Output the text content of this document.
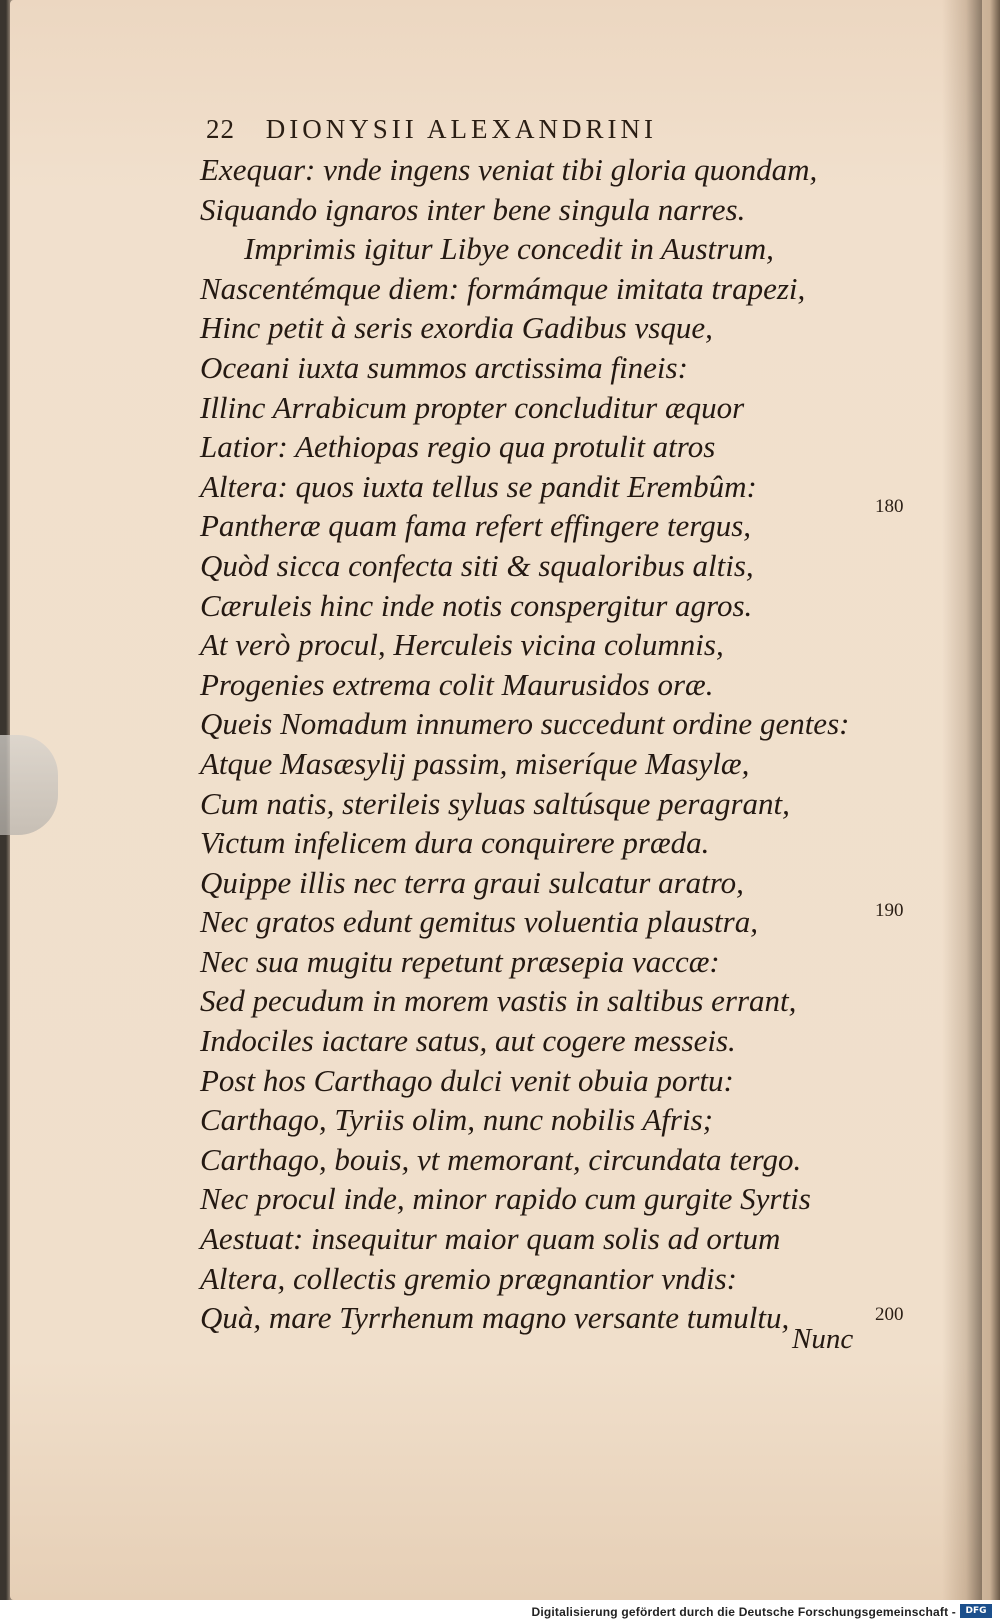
22 DIONYSII ALEXANDRINI
Exequar: vnde ingens veniat tibi gloria quondam,
Siquando ignaros inter bene singula narres.
Imprimis igitur Libye concedit in Austrum,
Nascentémque diem: formámque imitata trapezi,
Hinc petit à seris exordia Gadibus vsque,
Oceani iuxta summos arctissima fineis:
Illinc Arrabicum propter concluditur æquor
Latior: Aethiopas regio qua protulit atros
Altera: quos iuxta tellus se pandit Erembûm:
Pantheræ quam fama refert effingere tergus,
Quòd sicca confecta siti & squaloribus altis,
Cæruleis hinc inde notis conspergitur agros.
At verò procul, Herculeis vicina columnis,
Progenies extrema colit Maurusidos oræ.
Queis Nomadum innumero succedunt ordine gentes:
Atque Masæsylij passim, miseríque Masylæ,
Cum natis, sterileis syluas saltúsque peragrant,
Victum infelicem dura conquirere præda.
Quippe illis nec terra graui sulcatur aratro,
Nec gratos edunt gemitus voluentia plaustra,
Nec sua mugitu repetunt præsepia vaccæ:
Sed pecudum in morem vastis in saltibus errant,
Indociles iactare satus, aut cogere messeis.
Post hos Carthago dulci venit obuia portu:
Carthago, Tyriis olim, nunc nobilis Afris;
Carthago, bouis, vt memorant, circundata tergo.
Nec procul inde, minor rapido cum gurgite Syrtis
Aestuat: insequitur maior quam solis ad ortum
Altera, collectis gremio prægnantior vndis:
Quà, mare Tyrrhenum magno versante tumultu,
180
190
200
Nunc
Digitalisierung gefördert durch die Deutsche Forschungsgemeinschaft -	DFG
